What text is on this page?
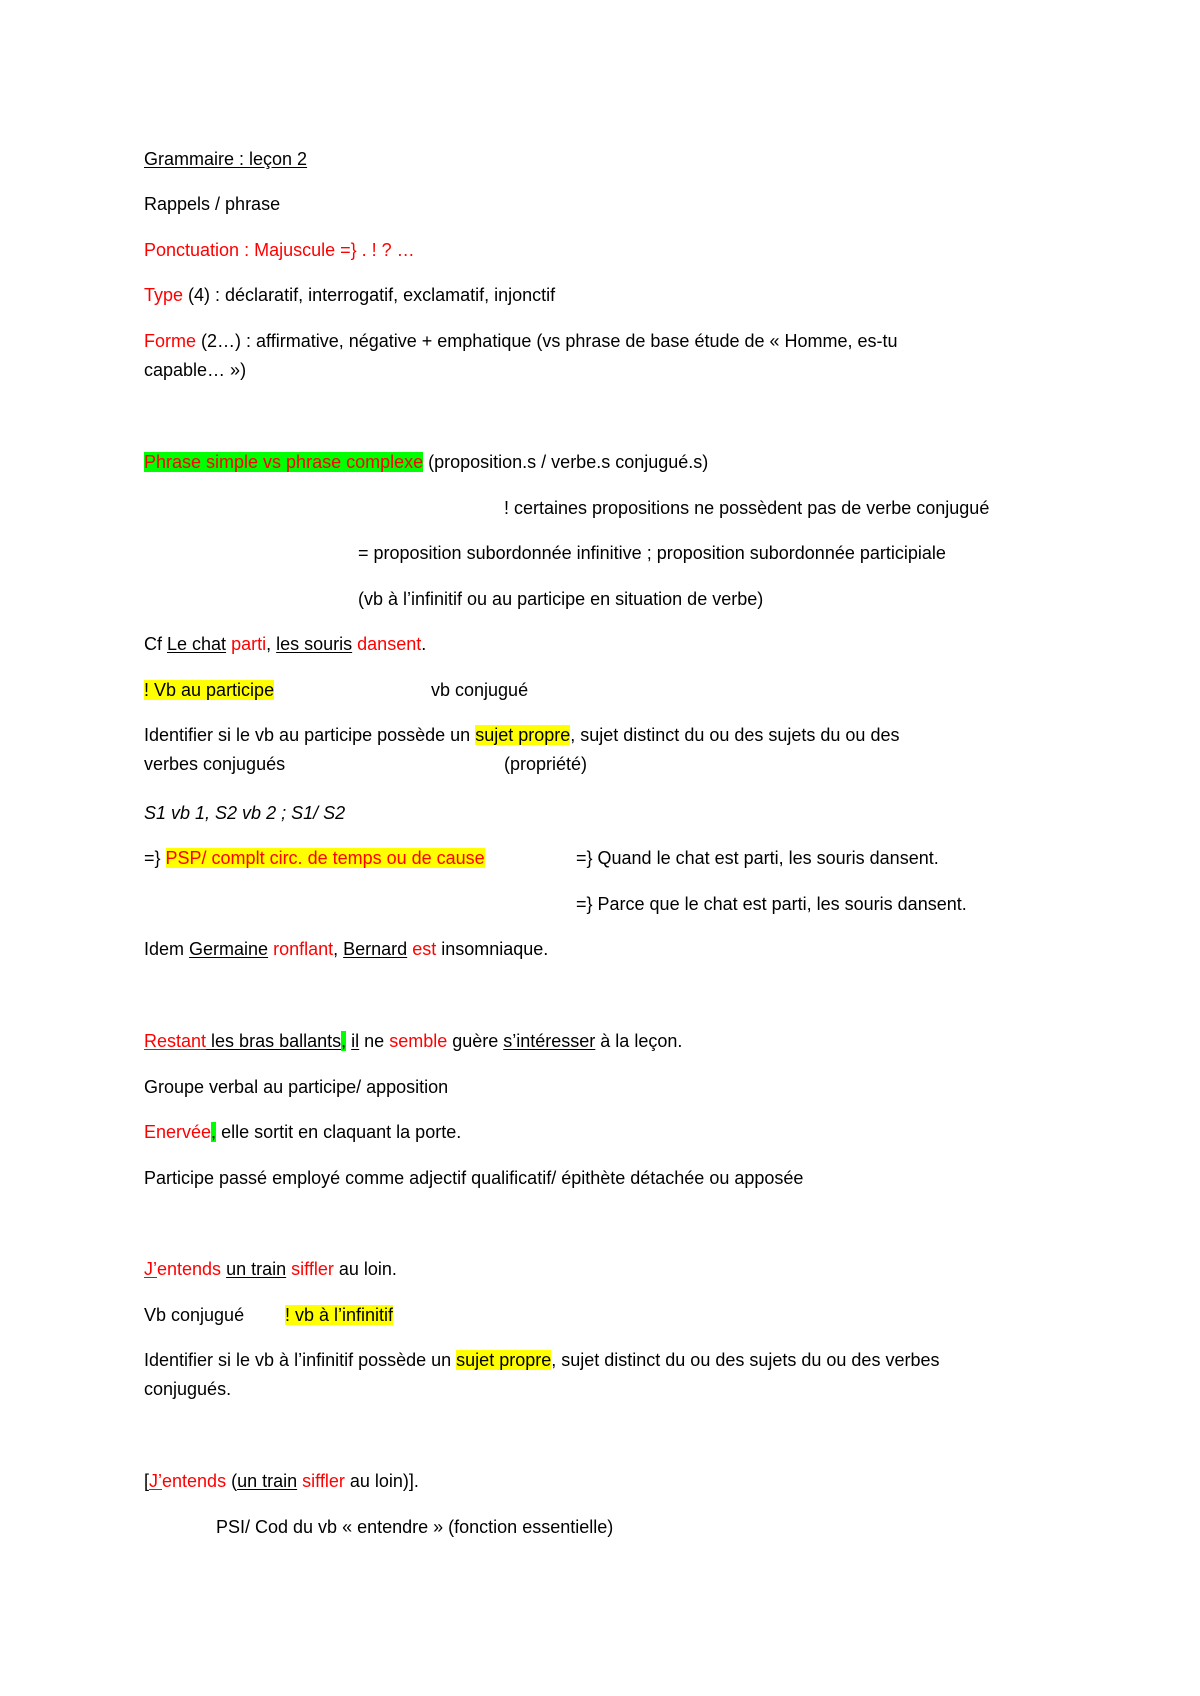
Grammaire : leçon 2
Rappels / phrase
Ponctuation : Majuscule =} . ! ? …
Type (4) : déclaratif, interrogatif, exclamatif, injonctif
Forme (2…) : affirmative, négative + emphatique (vs phrase de base étude de « Homme, es-tu
capable… »)
Phrase simple vs phrase complexe (proposition.s / verbe.s conjugué.s)
! certaines propositions ne possèdent pas de verbe conjugué
= proposition subordonnée infinitive ; proposition subordonnée participiale
(vb à l’infinitif ou au participe en situation de verbe)
Cf Le chat parti, les souris dansent.
! Vb au participe	vb conjugué
Identifier si le vb au participe possède un sujet propre, sujet distinct du ou des sujets du ou des
verbes conjugués	(propriété)
S1 vb 1, S2 vb 2 ; S1/ S2
=} PSP/ complt circ. de temps ou de cause	=} Quand le chat est parti, les souris dansent.
=} Parce que le chat est parti, les souris dansent.
Idem Germaine ronflant, Bernard est insomniaque.
Restant les bras ballants, il ne semble guère s’intéresser à la leçon.
Groupe verbal au participe/ apposition
Enervée, elle sortit en claquant la porte.
Participe passé employé comme adjectif qualificatif/ épithète détachée ou apposée
J’entends un train siffler au loin.
Vb conjugué ! vb à l’infinitif
Identifier si le vb à l’infinitif possède un sujet propre, sujet distinct du ou des sujets du ou des verbes
conjugués.
[J’entends (un train siffler au loin)].
PSI/ Cod du vb « entendre » (fonction essentielle)
